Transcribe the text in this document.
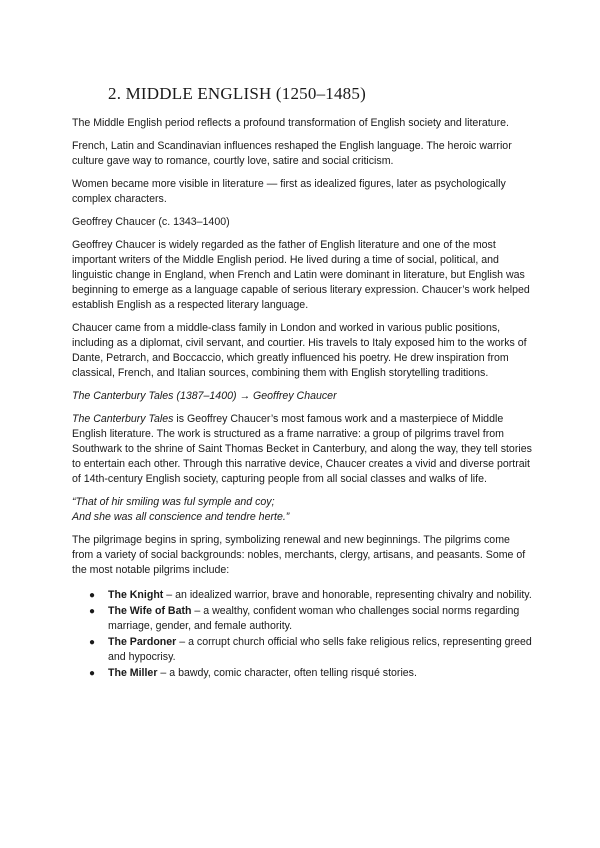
2. MIDDLE ENGLISH (1250–1485)

The Middle English period reflects a profound transformation of English society and literature.

French, Latin and Scandinavian influences reshaped the English language. The heroic warrior culture gave way to romance, courtly love, satire and social criticism.

Women became more visible in literature — first as idealized figures, later as psychologically complex characters.

Geoffrey Chaucer (c. 1343–1400)

Geoffrey Chaucer is widely regarded as the father of English literature and one of the most important writers of the Middle English period. He lived during a time of social, political, and linguistic change in England, when French and Latin were dominant in literature, but English was beginning to emerge as a language capable of serious literary expression. Chaucer’s work helped establish English as a respected literary language.

Chaucer came from a middle-class family in London and worked in various public positions, including as a diplomat, civil servant, and courtier. His travels to Italy exposed him to the works of Dante, Petrarch, and Boccaccio, which greatly influenced his poetry. He drew inspiration from classical, French, and Italian sources, combining them with English storytelling traditions.

The Canterbury Tales (1387–1400) → Geoffrey Chaucer

The Canterbury Tales is Geoffrey Chaucer’s most famous work and a masterpiece of Middle English literature. The work is structured as a frame narrative: a group of pilgrims travel from Southwark to the shrine of Saint Thomas Becket in Canterbury, and along the way, they tell stories to entertain each other. Through this narrative device, Chaucer creates a vivid and diverse portrait of 14th-century English society, capturing people from all social classes and walks of life.

“That of hir smiling was ful symple and coy;
And she was all conscience and tendre herte.”

The pilgrimage begins in spring, symbolizing renewal and new beginnings. The pilgrims come from a variety of social backgrounds: nobles, merchants, clergy, artisans, and peasants. Some of the most notable pilgrims include:

● The Knight – an idealized warrior, brave and honorable, representing chivalry and nobility.
● The Wife of Bath – a wealthy, confident woman who challenges social norms regarding marriage, gender, and female authority.
● The Pardoner – a corrupt church official who sells fake religious relics, representing greed and hypocrisy.
● The Miller – a bawdy, comic character, often telling risqué stories.
